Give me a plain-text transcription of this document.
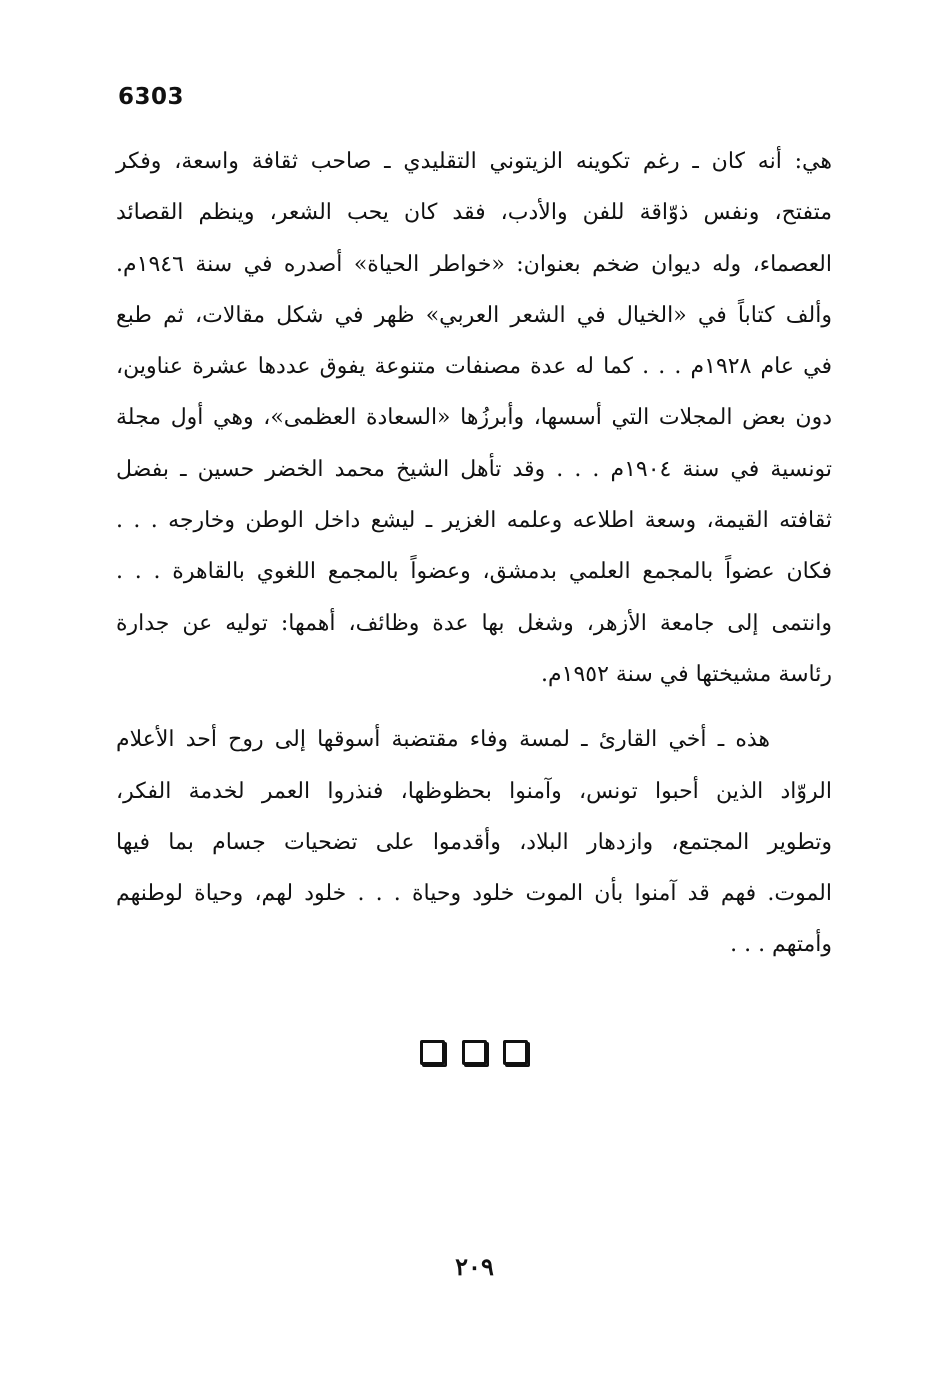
6303
هي: أنه كان ـ رغم تكوينه الزيتوني التقليدي ـ صاحب ثقافة واسعة، وفكر
متفتح، ونفس ذوّاقة للفن والأدب، فقد كان يحب الشعر، وينظم القصائد
العصماء، وله ديوان ضخم بعنوان: «خواطر الحياة» أصدره في سنة ١٩٤٦م.
وألف كتاباً في «الخيال في الشعر العربي» ظهر في شكل مقالات، ثم طبع
في عام ١٩٢٨م . . . كما له عدة مصنفات متنوعة يفوق عددها عشرة عناوين،
دون بعض المجلات التي أسسها، وأبرزُها «السعادة العظمى»، وهي أول مجلة
تونسية في سنة ١٩٠٤م . . . وقد تأهل الشيخ محمد الخضر حسين ـ بفضل
ثقافته القيمة، وسعة اطلاعه وعلمه الغزير ـ ليشع داخل الوطن وخارجه . . .
فكان عضواً بالمجمع العلمي بدمشق، وعضواً بالمجمع اللغوي بالقاهرة . . .
وانتمى إلى جامعة الأزهر، وشغل بها عدة وظائف، أهمها: توليه عن جدارة
رئاسة مشيختها في سنة ١٩٥٢م.
هذه ـ أخي القارئ ـ لمسة وفاء مقتضبة أسوقها إلى روح أحد الأعلام
الروّاد الذين أحبوا تونس، وآمنوا بحظوظها، فنذروا العمر لخدمة الفكر،
وتطوير المجتمع، وازدهار البلاد، وأقدموا على تضحيات جسام بما فيها
الموت. فهم قد آمنوا بأن الموت خلود وحياة . . . خلود لهم، وحياة لوطنهم
وأمتهم . . .
٢٠٩
